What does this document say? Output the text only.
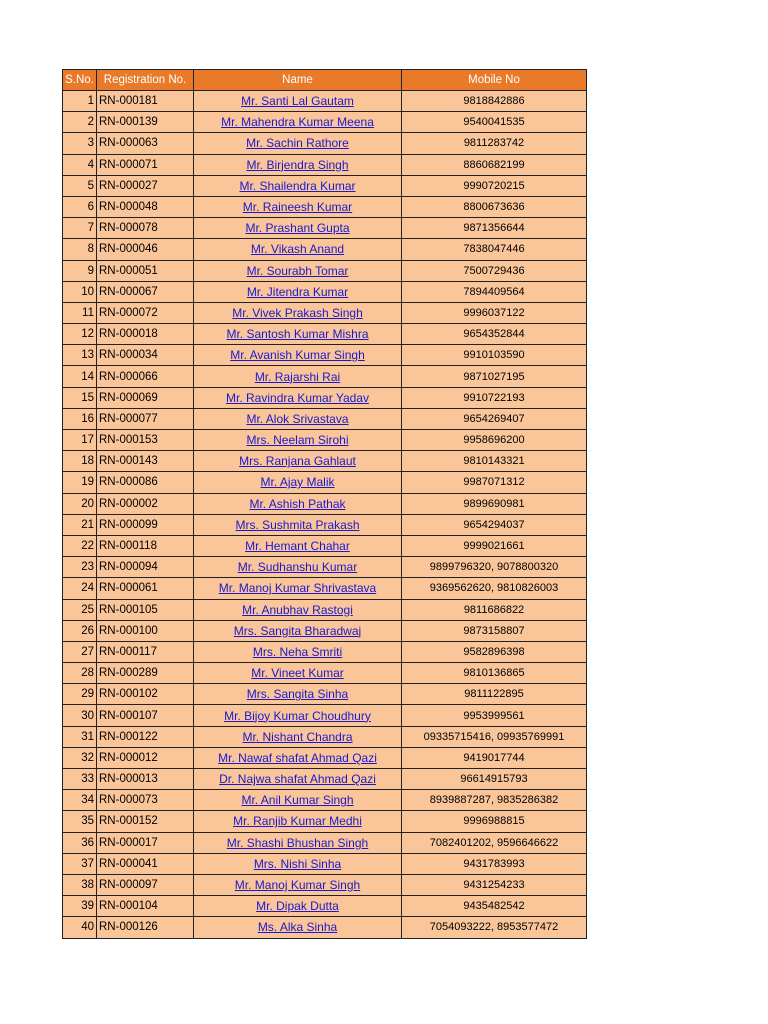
S.No.	Registration No.	Name	Mobile No
1	RN-000181	Mr. Santi Lal Gautam	9818842886
2	RN-000139	Mr. Mahendra Kumar Meena	9540041535
3	RN-000063	Mr. Sachin Rathore	9811283742
4	RN-000071	Mr. Birjendra Singh	8860682199
5	RN-000027	Mr. Shailendra Kumar	9990720215
6	RN-000048	Mr. Raineesh Kumar	8800673636
7	RN-000078	Mr. Prashant Gupta	9871356644
8	RN-000046	Mr. Vikash Anand	7838047446
9	RN-000051	Mr. Sourabh Tomar	7500729436
10	RN-000067	Mr. Jitendra Kumar	7894409564
11	RN-000072	Mr. Vivek Prakash Singh	9996037122
12	RN-000018	Mr. Santosh Kumar Mishra	9654352844
13	RN-000034	Mr. Avanish Kumar Singh	9910103590
14	RN-000066	Mr. Rajarshi Rai	9871027195
15	RN-000069	Mr. Ravindra Kumar Yadav	9910722193
16	RN-000077	Mr. Alok Srivastava	9654269407
17	RN-000153	Mrs. Neelam Sirohi	9958696200
18	RN-000143	Mrs. Ranjana Gahlaut	9810143321
19	RN-000086	Mr. Ajay Malik	9987071312
20	RN-000002	Mr. Ashish Pathak	9899690981
21	RN-000099	Mrs. Sushmita Prakash	9654294037
22	RN-000118	Mr. Hemant Chahar	9999021661
23	RN-000094	Mr. Sudhanshu Kumar	9899796320, 9078800320
24	RN-000061	Mr. Manoj Kumar Shrivastava	9369562620, 9810826003
25	RN-000105	Mr. Anubhav Rastogi	9811686822
26	RN-000100	Mrs. Sangita Bharadwaj	9873158807
27	RN-000117	Mrs. Neha Smriti	9582896398
28	RN-000289	Mr. Vineet Kumar	9810136865
29	RN-000102	Mrs. Sangita Sinha	9811122895
30	RN-000107	Mr. Bijoy Kumar Choudhury	9953999561
31	RN-000122	Mr. Nishant Chandra	09335715416, 09935769991
32	RN-000012	Mr. Nawaf shafat Ahmad Qazi	9419017744
33	RN-000013	Dr. Najwa shafat Ahmad Qazi	96614915793
34	RN-000073	Mr. Anil Kumar Singh	8939887287, 9835286382
35	RN-000152	Mr. Ranjib Kumar Medhi	9996988815
36	RN-000017	Mr. Shashi Bhushan Singh	7082401202, 9596646622
37	RN-000041	Mrs. Nishi Sinha	9431783993
38	RN-000097	Mr. Manoj Kumar Singh	9431254233
39	RN-000104	Mr. Dipak Dutta	9435482542
40	RN-000126	Ms. Alka Sinha	7054093222, 8953577472
